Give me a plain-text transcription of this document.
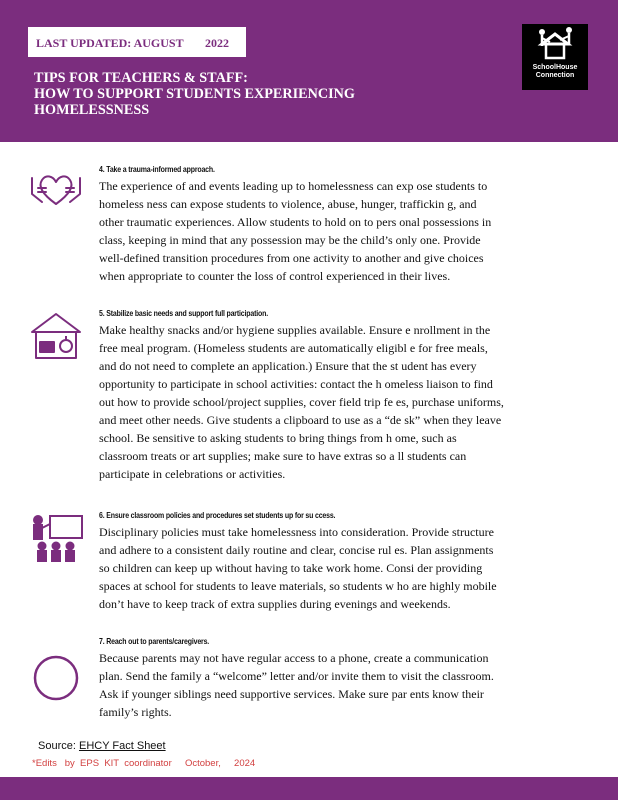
LAST UPDATED: AUGUST 2022
TIPS FOR TEACHERS & STAFF:
HOW TO SUPPORT STUDENTS EXPERIENCING
HOMELESSNESS
SchoolHouse Connection
4. Take a trauma-informed approach.
The experience of and events leading up to homelessness can exp ose students to
homeless ness can expose students to violence, abuse, hunger, traffickin g, and
other traumatic experiences. Allow students to hold on to pers onal possessions in
class, keeping in mind that any possession may be the child’s only one. Provide
well-defined transition procedures from one activity to another and give choices
when appropriate to counter the loss of control experienced in their lives.
5. Stabilize basic needs and support full participation.
Make healthy snacks and/or hygiene supplies available. Ensure e nrollment in the
free meal program. (Homeless students are automatically eligibl e for free meals,
and do not need to complete an application.) Ensure that the st udent has every
opportunity to participate in school activities: contact the h omeless liaison to find
out how to provide school/project supplies, cover field trip fe es, purchase uniforms,
and meet other needs. Give students a clipboard to use as a “de sk” when they leave
school. Be sensitive to asking students to bring things from h ome, such as
classroom treats or art supplies; make sure to have extras so a ll students can
participate in celebrations or activities.
6. Ensure classroom policies and procedures set students up for su ccess.
Disciplinary policies must take homelessness into consideration. Provide structure
and adhere to a consistent daily routine and clear, concise rul es. Plan assignments
so children can keep up without having to take work home. Consi der providing
spaces at school for students to leave materials, so students w ho are highly mobile
don’t have to keep track of extra supplies during evenings and weekends.
7. Reach out to parents/caregivers.
Because parents may not have regular access to a phone, create a communication
plan. Send the family a “welcome” letter and/or invite them to visit the classroom.
Ask if younger siblings need supportive services. Make sure par ents know their
family’s rights.
Source: EHCY Fact Sheet
*Edits   by  EPS  KIT  coordinator     October,     2024
